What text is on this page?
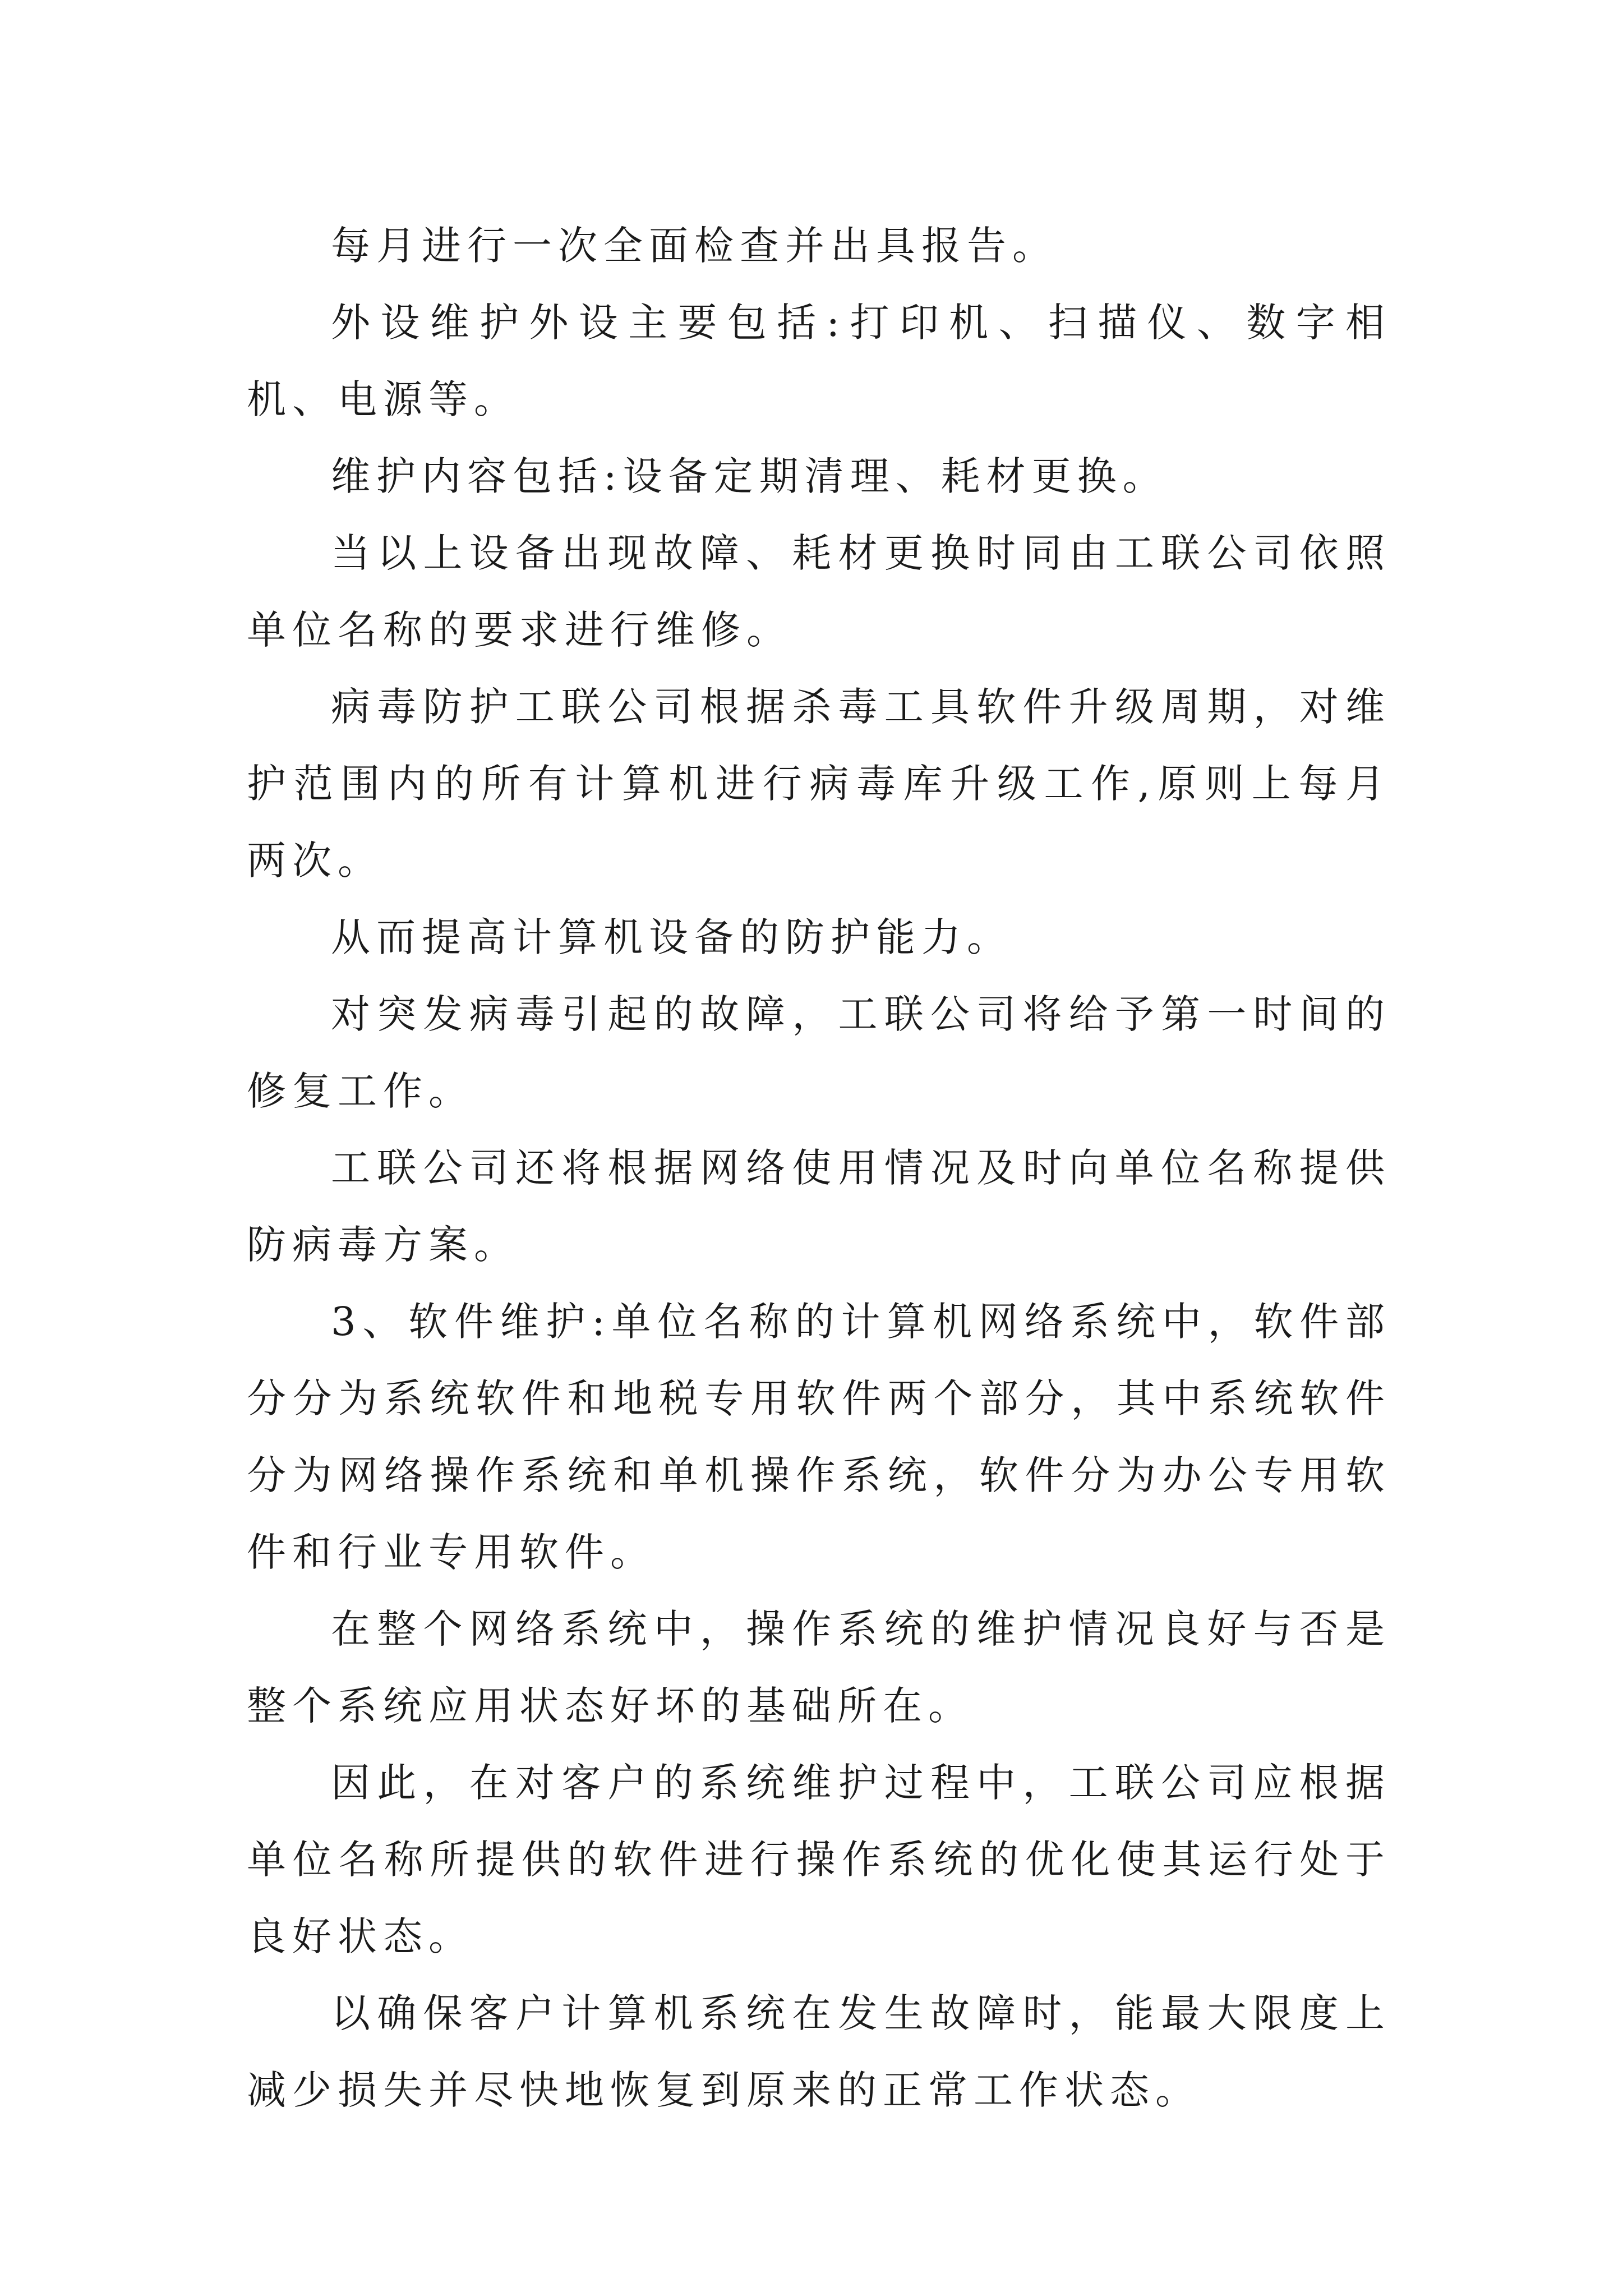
每月进行一次全面检查并出具报告。

外设维护外设主要包括:打印机、扫描仪、数字相机、电源等。

维护内容包括:设备定期清理、耗材更换。

当以上设备出现故障、耗材更换时同由工联公司依照单位名称的要求进行维修。

病毒防护工联公司根据杀毒工具软件升级周期，对维护范围内的所有计算机进行病毒库升级工作,原则上每月两次。

从而提高计算机设备的防护能力。

对突发病毒引起的故障，工联公司将给予第一时间的修复工作。

工联公司还将根据网络使用情况及时向单位名称提供防病毒方案。

3、软件维护:单位名称的计算机网络系统中，软件部分分为系统软件和地税专用软件两个部分，其中系统软件分为网络操作系统和单机操作系统，软件分为办公专用软件和行业专用软件。

在整个网络系统中，操作系统的维护情况良好与否是整个系统应用状态好坏的基础所在。

因此，在对客户的系统维护过程中，工联公司应根据单位名称所提供的软件进行操作系统的优化使其运行处于良好状态。

以确保客户计算机系统在发生故障时，能最大限度上减少损失并尽快地恢复到原来的正常工作状态。
